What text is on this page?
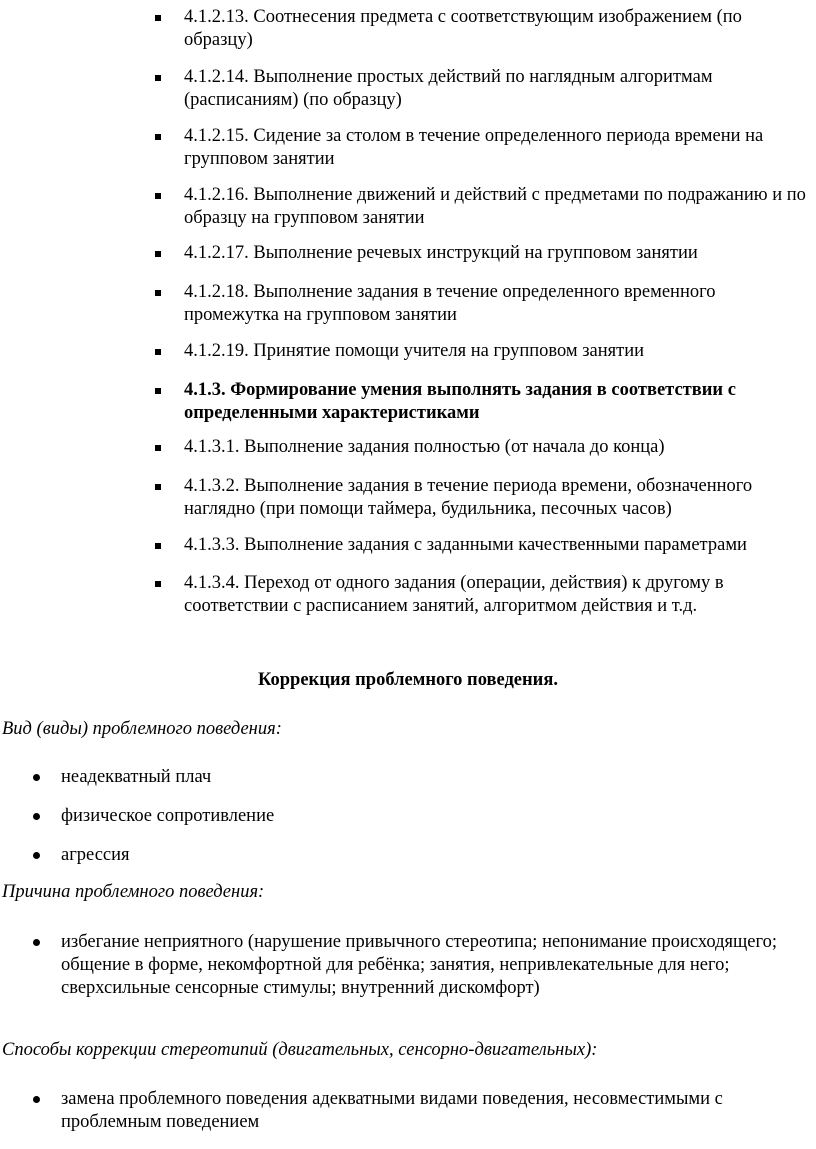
4.1.2.13. Соотнесения предмета с соответствующим изображением (по образцу)
4.1.2.14. Выполнение простых действий по наглядным алгоритмам (расписаниям) (по образцу)
4.1.2.15. Сидение за столом в течение определенного периода времени на групповом занятии
4.1.2.16. Выполнение движений и действий с предметами по подражанию и по образцу на групповом занятии
4.1.2.17. Выполнение речевых инструкций на групповом занятии
4.1.2.18. Выполнение задания в течение определенного временного промежутка на групповом занятии
4.1.2.19. Принятие помощи учителя на групповом занятии
4.1.3. Формирование умения выполнять задания в соответствии с определенными характеристиками
4.1.3.1. Выполнение задания полностью (от начала до конца)
4.1.3.2. Выполнение задания в течение периода времени, обозначенного наглядно (при помощи таймера, будильника, песочных часов)
4.1.3.3. Выполнение задания с заданными качественными параметрами
4.1.3.4. Переход от одного задания (операции, действия) к другому в соответствии с расписанием занятий, алгоритмом действия и т.д.
Коррекция проблемного поведения.
Вид (виды) проблемного поведения:
неадекватный плач
физическое сопротивление
агрессия
Причина проблемного поведения:
избегание неприятного (нарушение привычного стереотипа; непонимание происходящего; общение в форме, некомфортной для ребёнка; занятия, непривлекательные для него; сверхсильные сенсорные стимулы; внутренний дискомфорт)
Способы коррекции стереотипий (двигательных, сенсорно-двигательных):
замена проблемного поведения адекватными видами поведения, несовместимыми с проблемным поведением
